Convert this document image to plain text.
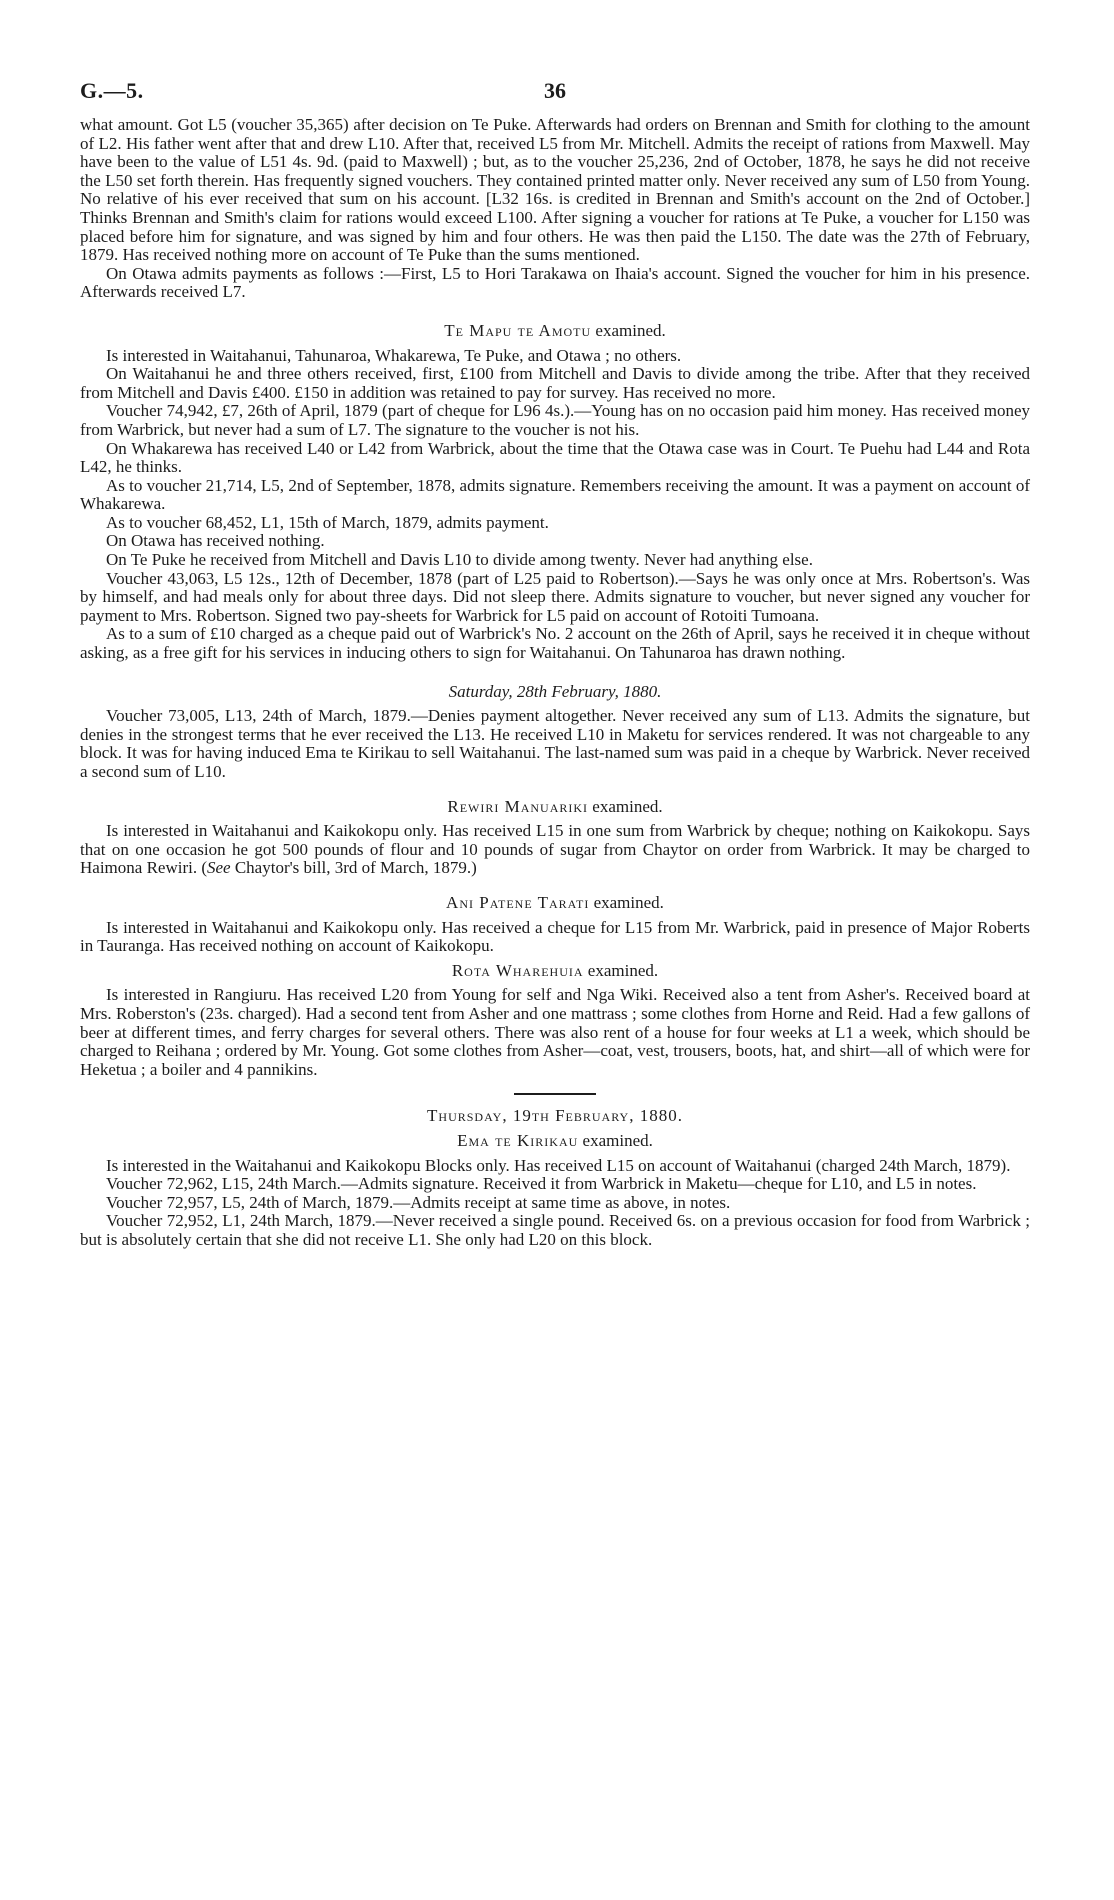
G.—5.	36

what amount. Got L5 (voucher 35,365) after decision on Te Puke. Afterwards had orders on Brennan and Smith for clothing to the amount of L2. His father went after that and drew L10. After that, received L5 from Mr. Mitchell. Admits the receipt of rations from Maxwell. May have been to the value of L51 4s. 9d. (paid to Maxwell) ; but, as to the voucher 25,236, 2nd of October, 1878, he says he did not receive the L50 set forth therein. Has frequently signed vouchers. They contained printed matter only. Never received any sum of L50 from Young. No relative of his ever received that sum on his account. [L32 16s. is credited in Brennan and Smith's account on the 2nd of October.] Thinks Brennan and Smith's claim for rations would exceed L100. After signing a voucher for rations at Te Puke, a voucher for L150 was placed before him for signature, and was signed by him and four others. He was then paid the L150. The date was the 27th of February, 1879. Has received nothing more on account of Te Puke than the sums mentioned.

On Otawa admits payments as follows :—First, L5 to Hori Tarakawa on Ihaia's account. Signed the voucher for him in his presence. Afterwards received L7.

Te Mapu te Amotu examined.

Is interested in Waitahanui, Tahunaroa, Whakarewa, Te Puke, and Otawa ; no others.

On Waitahanui he and three others received, first, £100 from Mitchell and Davis to divide among the tribe. After that they received from Mitchell and Davis £400. £150 in addition was retained to pay for survey. Has received no more.

Voucher 74,942, £7, 26th of April, 1879 (part of cheque for L96 4s.).—Young has on no occasion paid him money. Has received money from Warbrick, but never had a sum of L7. The signature to the voucher is not his.

On Whakarewa has received L40 or L42 from Warbrick, about the time that the Otawa case was in Court. Te Puehu had L44 and Rota L42, he thinks.

As to voucher 21,714, L5, 2nd of September, 1878, admits signature. Remembers receiving the amount. It was a payment on account of Whakarewa.

As to voucher 68,452, L1, 15th of March, 1879, admits payment.

On Otawa has received nothing.

On Te Puke he received from Mitchell and Davis L10 to divide among twenty. Never had anything else.

Voucher 43,063, L5 12s., 12th of December, 1878 (part of L25 paid to Robertson).—Says he was only once at Mrs. Robertson's. Was by himself, and had meals only for about three days. Did not sleep there. Admits signature to voucher, but never signed any voucher for payment to Mrs. Robertson. Signed two pay-sheets for Warbrick for L5 paid on account of Rotoiti Tumoana.

As to a sum of £10 charged as a cheque paid out of Warbrick's No. 2 account on the 26th of April, says he received it in cheque without asking, as a free gift for his services in inducing others to sign for Waitahanui. On Tahunaroa has drawn nothing.

Saturday, 28th February, 1880.

Voucher 73,005, L13, 24th of March, 1879.—Denies payment altogether. Never received any sum of L13. Admits the signature, but denies in the strongest terms that he ever received the L13. He received L10 in Maketu for services rendered. It was not chargeable to any block. It was for having induced Ema te Kirikau to sell Waitahanui. The last-named sum was paid in a cheque by Warbrick. Never received a second sum of L10.

Rewiri Manuariki examined.

Is interested in Waitahanui and Kaikokopu only. Has received L15 in one sum from Warbrick by cheque; nothing on Kaikokopu. Says that on one occasion he got 500 pounds of flour and 10 pounds of sugar from Chaytor on order from Warbrick. It may be charged to Haimona Rewiri. (See Chaytor's bill, 3rd of March, 1879.)

Ani Patene Tarati examined.

Is interested in Waitahanui and Kaikokopu only. Has received a cheque for L15 from Mr. Warbrick, paid in presence of Major Roberts in Tauranga. Has received nothing on account of Kaikokopu.

Rota Wharehuia examined.

Is interested in Rangiuru. Has received L20 from Young for self and Nga Wiki. Received also a tent from Asher's. Received board at Mrs. Roberston's (23s. charged). Had a second tent from Asher and one mattrass ; some clothes from Horne and Reid. Had a few gallons of beer at different times, and ferry charges for several others. There was also rent of a house for four weeks at L1 a week, which should be charged to Reihana ; ordered by Mr. Young. Got some clothes from Asher—coat, vest, trousers, boots, hat, and shirt—all of which were for Heketua ; a boiler and 4 pannikins.

Thursday, 19th February, 1880.

Ema te Kirikau examined.

Is interested in the Waitahanui and Kaikokopu Blocks only. Has received L15 on account of Waitahanui (charged 24th March, 1879).

Voucher 72,962, L15, 24th March.—Admits signature. Received it from Warbrick in Maketu—cheque for L10, and L5 in notes.

Voucher 72,957, L5, 24th of March, 1879.—Admits receipt at same time as above, in notes.

Voucher 72,952, L1, 24th March, 1879.—Never received a single pound. Received 6s. on a previous occasion for food from Warbrick ; but is absolutely certain that she did not receive L1. She only had L20 on this block.
